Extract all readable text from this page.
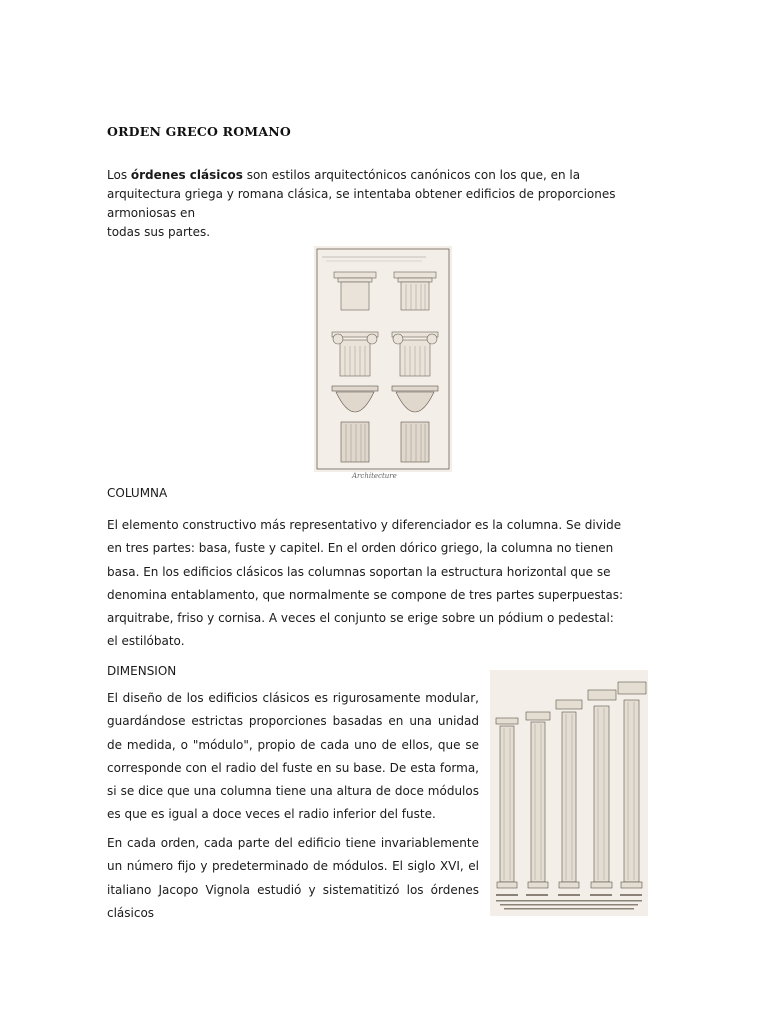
ORDEN GRECO ROMANO
Los órdenes clásicos son estilos arquitectónicos canónicos con los que, en la
arquitectura griega y romana clásica, se intentaba obtener edificios de proporciones armoniosas en
todas sus partes.
Architecture
COLUMNA
El elemento constructivo más representativo y diferenciador es la columna. Se divide en tres partes: basa, fuste y capitel. En el orden dórico griego, la columna no tienen basa. En los edificios clásicos las columnas soportan la estructura horizontal que se denomina entablamento, que normalmente se compone de tres partes superpuestas: arquitrabe, friso y cornisa. A veces el conjunto se erige sobre un pódium o pedestal: el estilóbato.
DIMENSION
El diseño de los edificios clásicos es rigurosamente modular, guardándose estrictas proporciones basadas en una unidad de medida, o "módulo", propio de cada uno de ellos, que se corresponde con el radio del fuste en su base. De esta forma, si se dice que una columna tiene una altura de doce módulos es que es igual a doce veces el radio inferior del fuste.
En cada orden, cada parte del edificio tiene invariablemente un número fijo y predeterminado de módulos. El siglo XVI, el italiano Jacopo Vignola estudió y sistematitizó los órdenes clásicos
